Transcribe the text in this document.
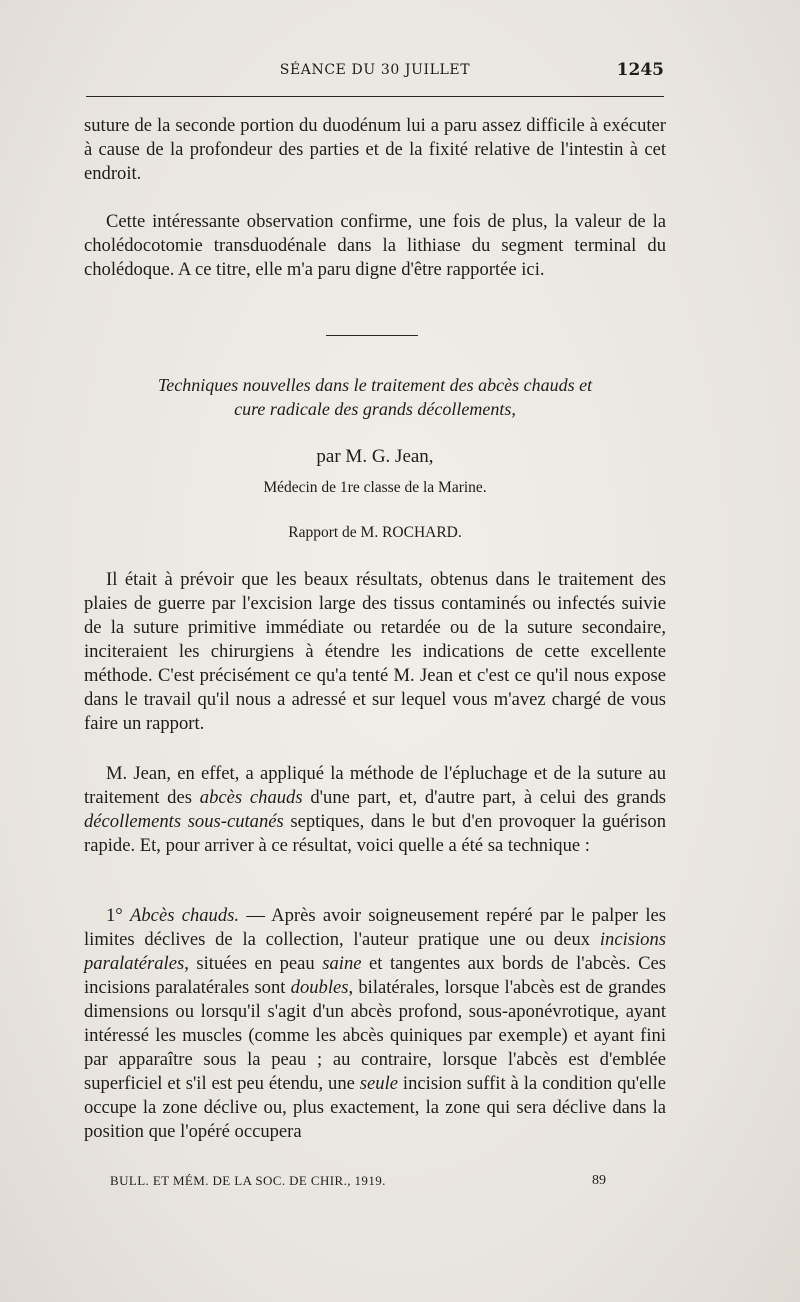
SÉANCE DU 30 JUILLET	1245

suture de la seconde portion du duodénum lui a paru assez difficile à exécuter à cause de la profondeur des parties et de la fixité relative de l'intestin à cet endroit.

Cette intéressante observation confirme, une fois de plus, la valeur de la cholédocotomie transduodénale dans la lithiase du segment terminal du cholédoque. A ce titre, elle m'a paru digne d'être rapportée ici.

Techniques nouvelles dans le traitement des abcès chauds et
cure radicale des grands décollements,

par M. G. Jean,

Médecin de 1re classe de la Marine.

Rapport de M. ROCHARD.

Il était à prévoir que les beaux résultats, obtenus dans le traitement des plaies de guerre par l'excision large des tissus contaminés ou infectés suivie de la suture primitive immédiate ou retardée ou de la suture secondaire, inciteraient les chirurgiens à étendre les indications de cette excellente méthode. C'est précisément ce qu'a tenté M. Jean et c'est ce qu'il nous expose dans le travail qu'il nous a adressé et sur lequel vous m'avez chargé de vous faire un rapport.

M. Jean, en effet, a appliqué la méthode de l'épluchage et de la suture au traitement des abcès chauds d'une part, et, d'autre part, à celui des grands décollements sous-cutanés septiques, dans le but d'en provoquer la guérison rapide. Et, pour arriver à ce résultat, voici quelle a été sa technique :

1° Abcès chauds. — Après avoir soigneusement repéré par le palper les limites déclives de la collection, l'auteur pratique une ou deux incisions paralatérales, situées en peau saine et tangentes aux bords de l'abcès. Ces incisions paralatérales sont doubles, bilatérales, lorsque l'abcès est de grandes dimensions ou lorsqu'il s'agit d'un abcès profond, sous-aponévrotique, ayant intéressé les muscles (comme les abcès quiniques par exemple) et ayant fini par apparaître sous la peau ; au contraire, lorsque l'abcès est d'emblée superficiel et s'il est peu étendu, une seule incision suffit à la condition qu'elle occupe la zone déclive ou, plus exactement, la zone qui sera déclive dans la position que l'opéré occupera

BULL. ET MÉM. DE LA SOC. DE CHIR., 1919.	89
